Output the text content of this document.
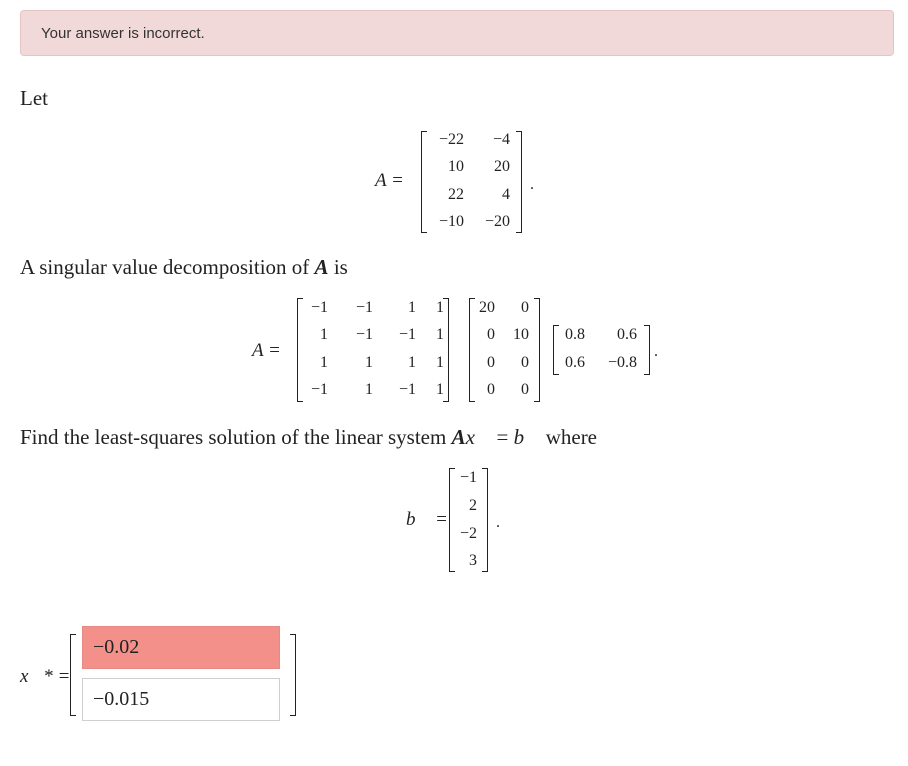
Your answer is incorrect.
Let
A =
−22	−4
10	20
22	4
−10	−20
.
A singular value decomposition of A is
A =
−1	−1	1	1
1	−1	−1	1
1	1	1	1
−1	1	−1	1
20	0
0	10
0	0
0	0
0.8	0.6
0.6	−0.8
.
Find the least-squares solution of the linear system Ax⃗ = b⃗ where
b⃗ =
−1
2
−2
3
.
x⃗* =
−0.02
−0.015
